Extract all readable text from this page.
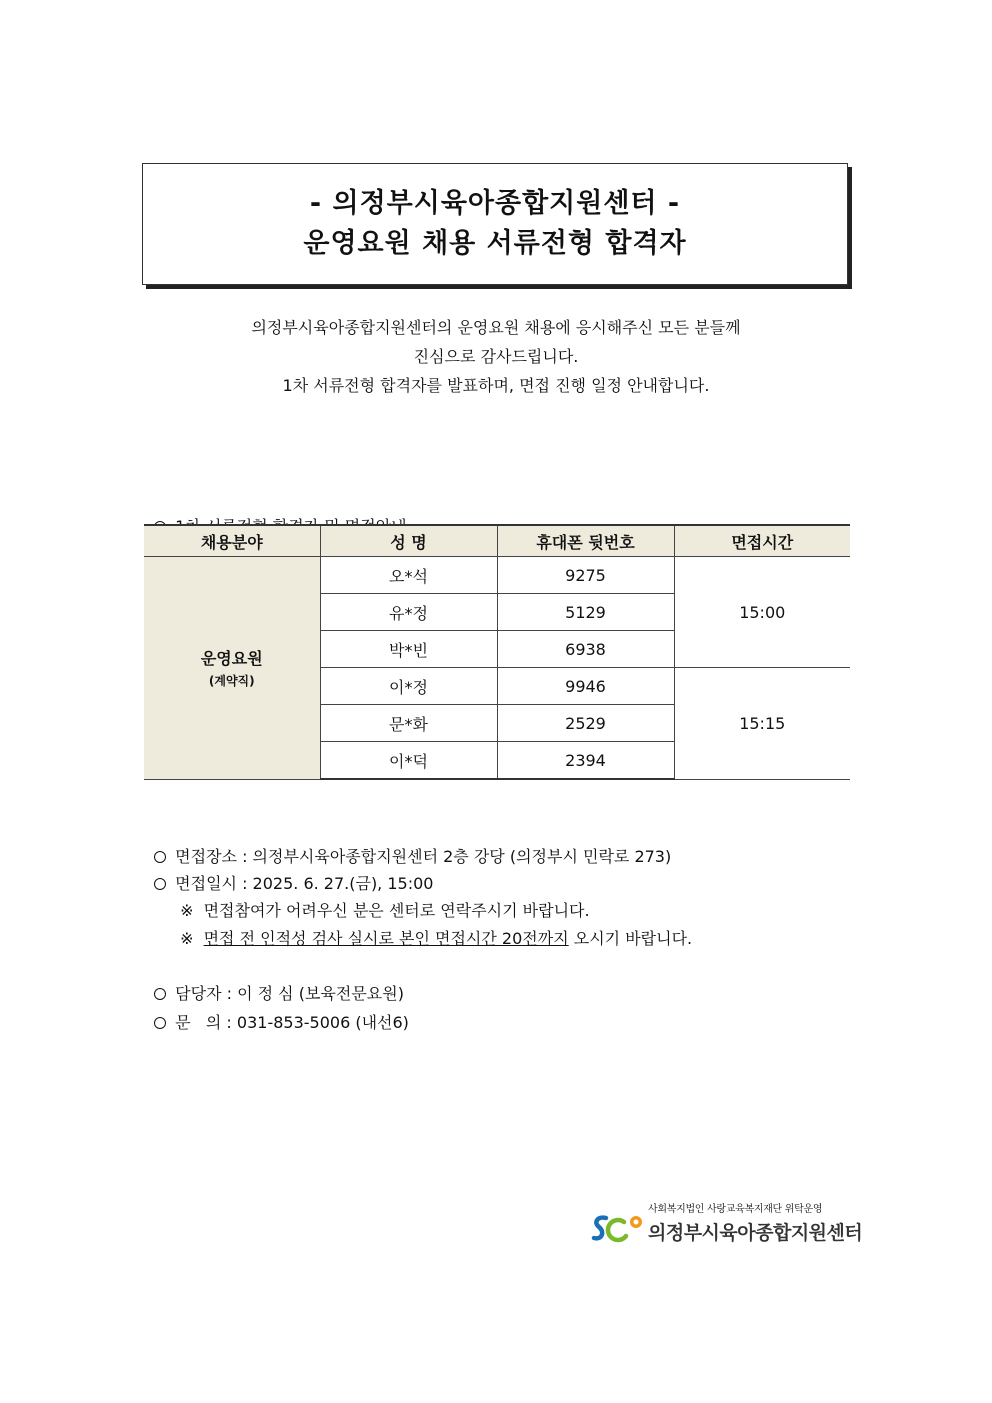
- 의정부시육아종합지원센터 -
운영요원 채용 서류전형 합격자
의정부시육아종합지원센터의 운영요원 채용에 응시해주신 모든 분들께
진심으로 감사드립니다.
1차 서류전형 합격자를 발표하며, 면접 진행 일정 안내합니다.

채용분야	성 명	휴대폰 뒷번호	면접시간

운영요원
(계약직)	오*석	9275	15:00
	유*정	5129	
	박*빈	6938	
	이*정	9946	15:15
	문*화	2529	
	이*덕	2394	

면접장소 : 의정부시육아종합지원센터 2층 강당 (의정부시 민락로 273)

면접일시 : 2025. 6. 27.(금), 15:00

※ 면접참여가 어려우신 분은 센터로 연락주시기 바랍니다.

※ 면접 전 인적성 검사 실시로 본인 면접시간 20전까지 오시기 바랍니다.

담당자 : 이 정 심 (보육전문요원)

문   의 : 031-853-5006 (내선6)

사회복지법인 사랑교육복지재단 위탁운영
의정부시육아종합지원센터
